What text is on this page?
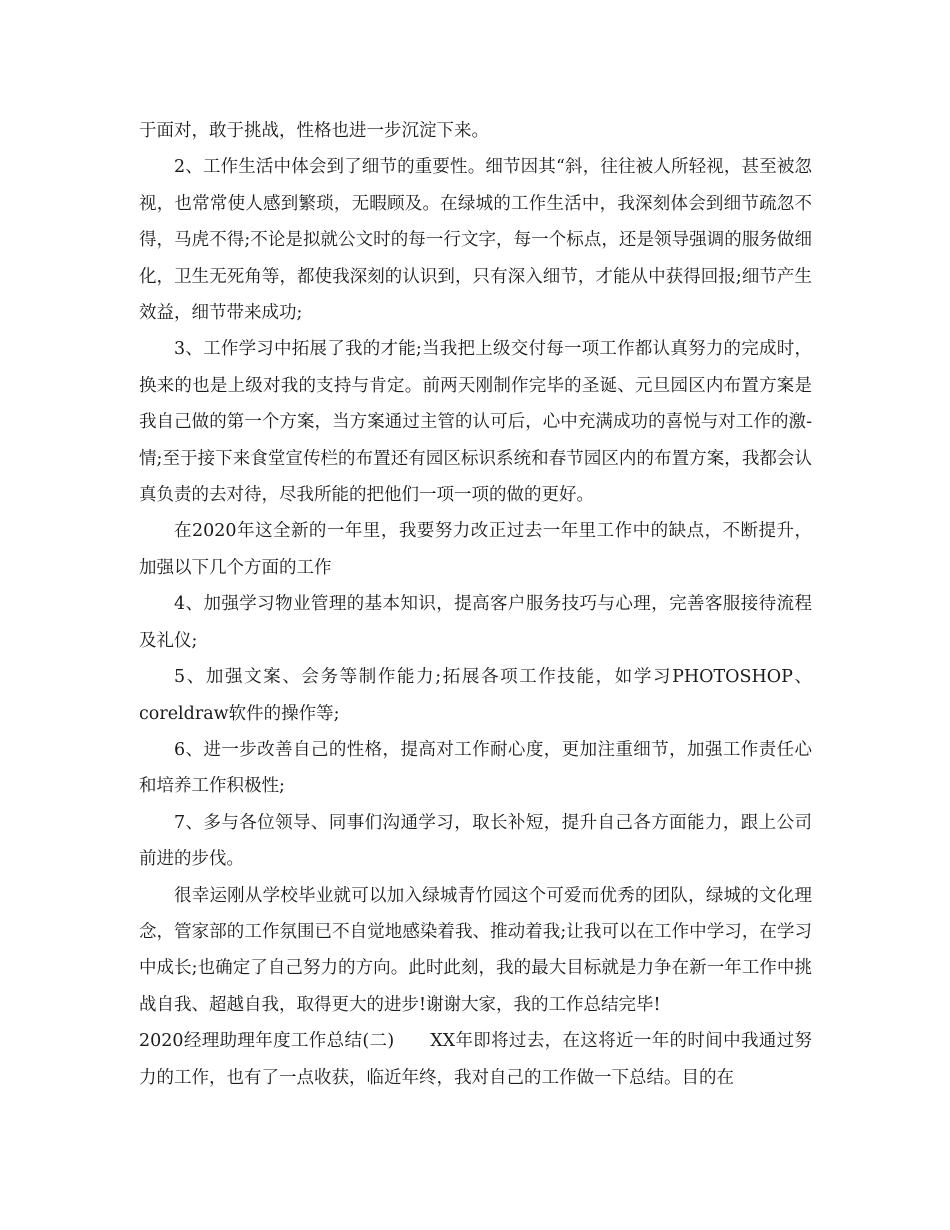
于面对，敢于挑战，性格也进一步沉淀下来。

2、工作生活中体会到了细节的重要性。细节因其“斜，往往被人所轻视，甚至被忽视，也常常使人感到繁琐，无暇顾及。在绿城的工作生活中，我深刻体会到细节疏忽不得，马虎不得;不论是拟就公文时的每一行文字，每一个标点，还是领导强调的服务做细化，卫生无死角等，都使我深刻的认识到，只有深入细节，才能从中获得回报;细节产生效益，细节带来成功;

3、工作学习中拓展了我的才能;当我把上级交付每一项工作都认真努力的完成时，换来的也是上级对我的支持与肯定。前两天刚制作完毕的圣诞、元旦园区内布置方案是我自己做的第一个方案，当方案通过主管的认可后，心中充满成功的喜悦与对工作的激-情;至于接下来食堂宣传栏的布置还有园区标识系统和春节园区内的布置方案，我都会认真负责的去对待，尽我所能的把他们一项一项的做的更好。

在2020年这全新的一年里，我要努力改正过去一年里工作中的缺点，不断提升，加强以下几个方面的工作

4、加强学习物业管理的基本知识，提高客户服务技巧与心理，完善客服接待流程及礼仪;

5、加强文案、会务等制作能力;拓展各项工作技能，如学习PHOTOSHOP、coreldraw软件的操作等;

6、进一步改善自己的性格，提高对工作耐心度，更加注重细节，加强工作责任心和培养工作积极性;

7、多与各位领导、同事们沟通学习，取长补短，提升自己各方面能力，跟上公司前进的步伐。

很幸运刚从学校毕业就可以加入绿城青竹园这个可爱而优秀的团队，绿城的文化理念，管家部的工作氛围已不自觉地感染着我、推动着我;让我可以在工作中学习，在学习中成长;也确定了自己努力的方向。此时此刻，我的最大目标就是力争在新一年工作中挑战自我、超越自我，取得更大的进步!谢谢大家，我的工作总结完毕!

2020经理助理年度工作总结(二)　　XX年即将过去，在这将近一年的时间中我通过努力的工作，也有了一点收获，临近年终，我对自己的工作做一下总结。目的在
